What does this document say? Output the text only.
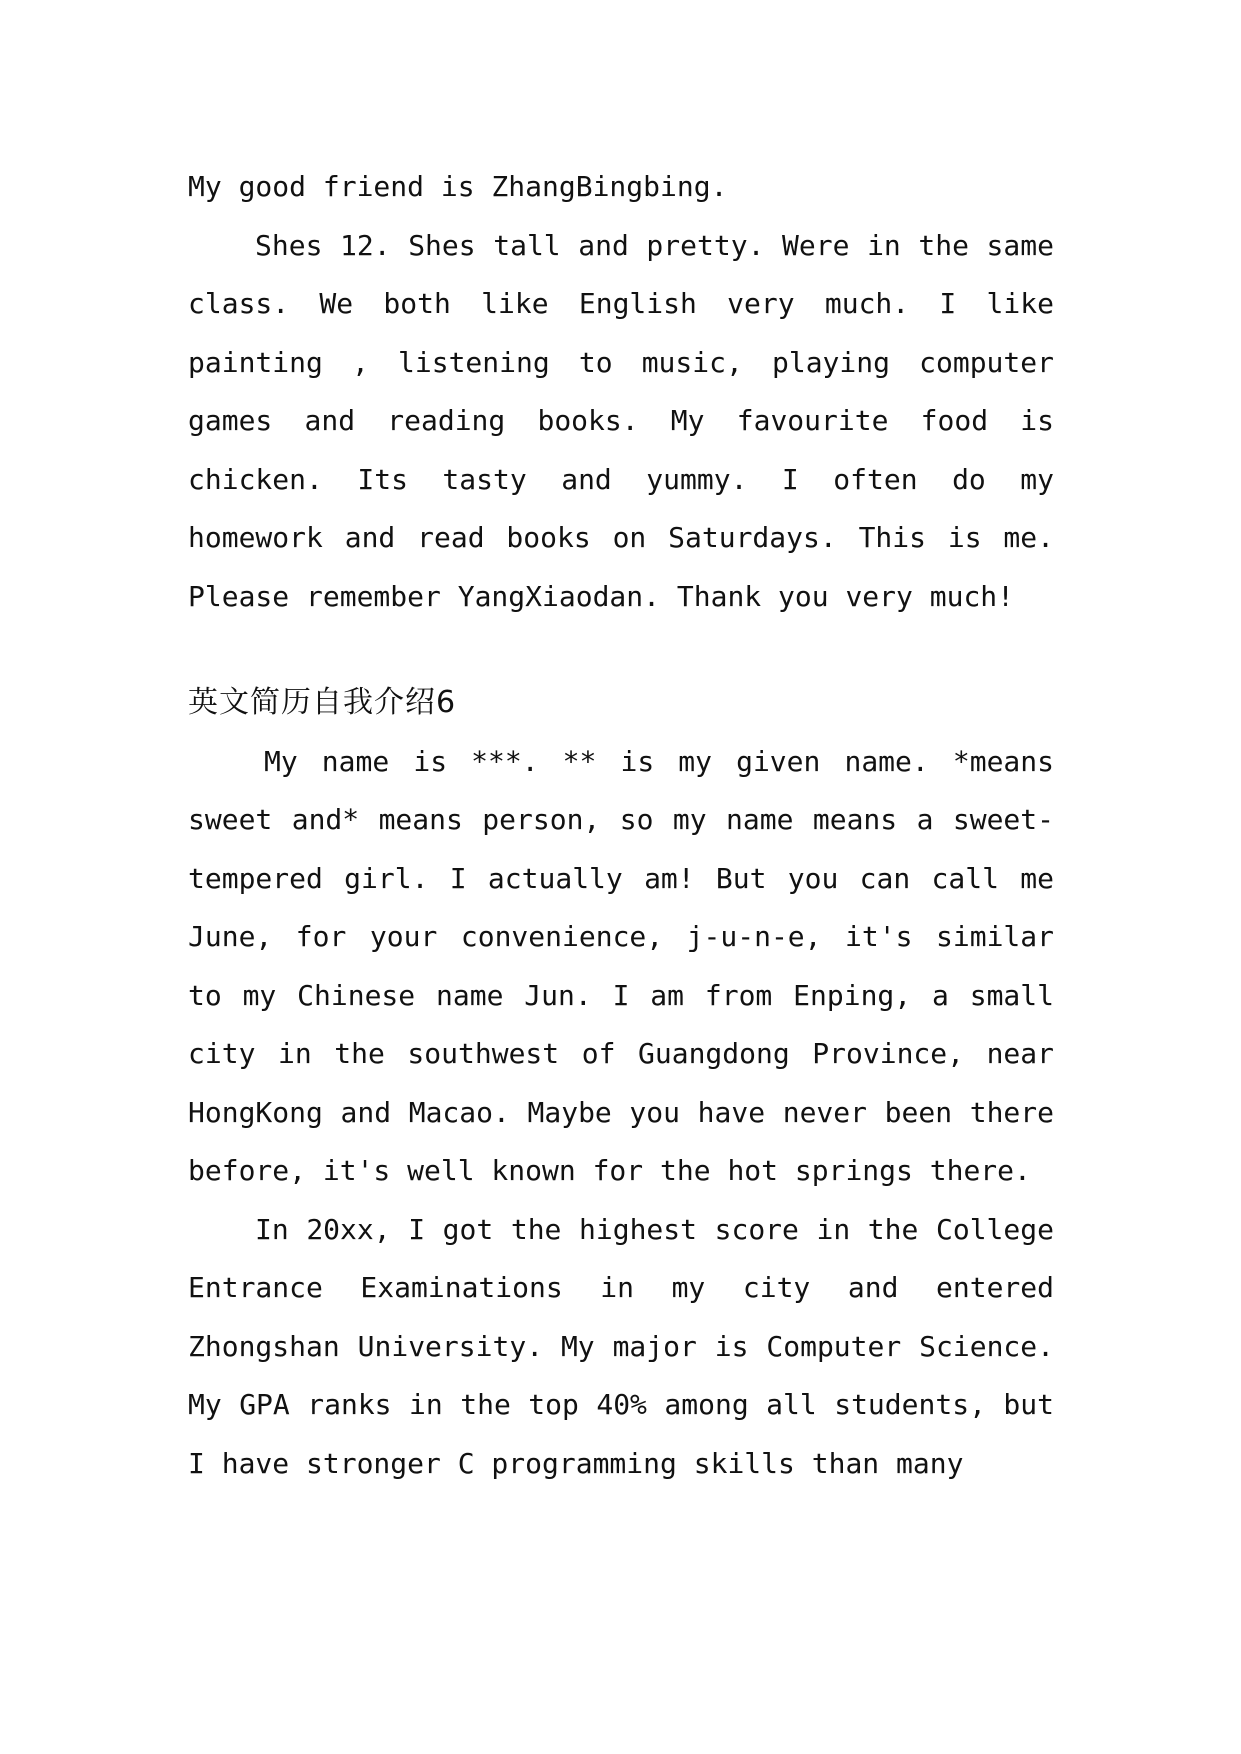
My good friend is ZhangBingbing.

Shes 12. Shes tall and pretty. Were in the same class. We both like English very much. I like painting , listening to music, playing computer games and reading books. My favourite food is chicken. Its tasty and yummy. I often do my homework and read books on Saturdays. This is me. Please remember YangXiaodan. Thank you very much!

英文简历自我介绍6

My name is ***. ** is my given name. *means sweet and* means person, so my name means a sweet-tempered girl. I actually am! But you can call me June, for your convenience, j-u-n-e, it's similar to my Chinese name Jun. I am from Enping, a small city in the southwest of Guangdong Province, near HongKong and Macao. Maybe you have never been there before, it's well known for the hot springs there.

In 20xx, I got the highest score in the College Entrance Examinations in my city and entered Zhongshan University. My major is Computer Science. My GPA ranks in the top 40% among all students, but I have stronger C programming skills than many
